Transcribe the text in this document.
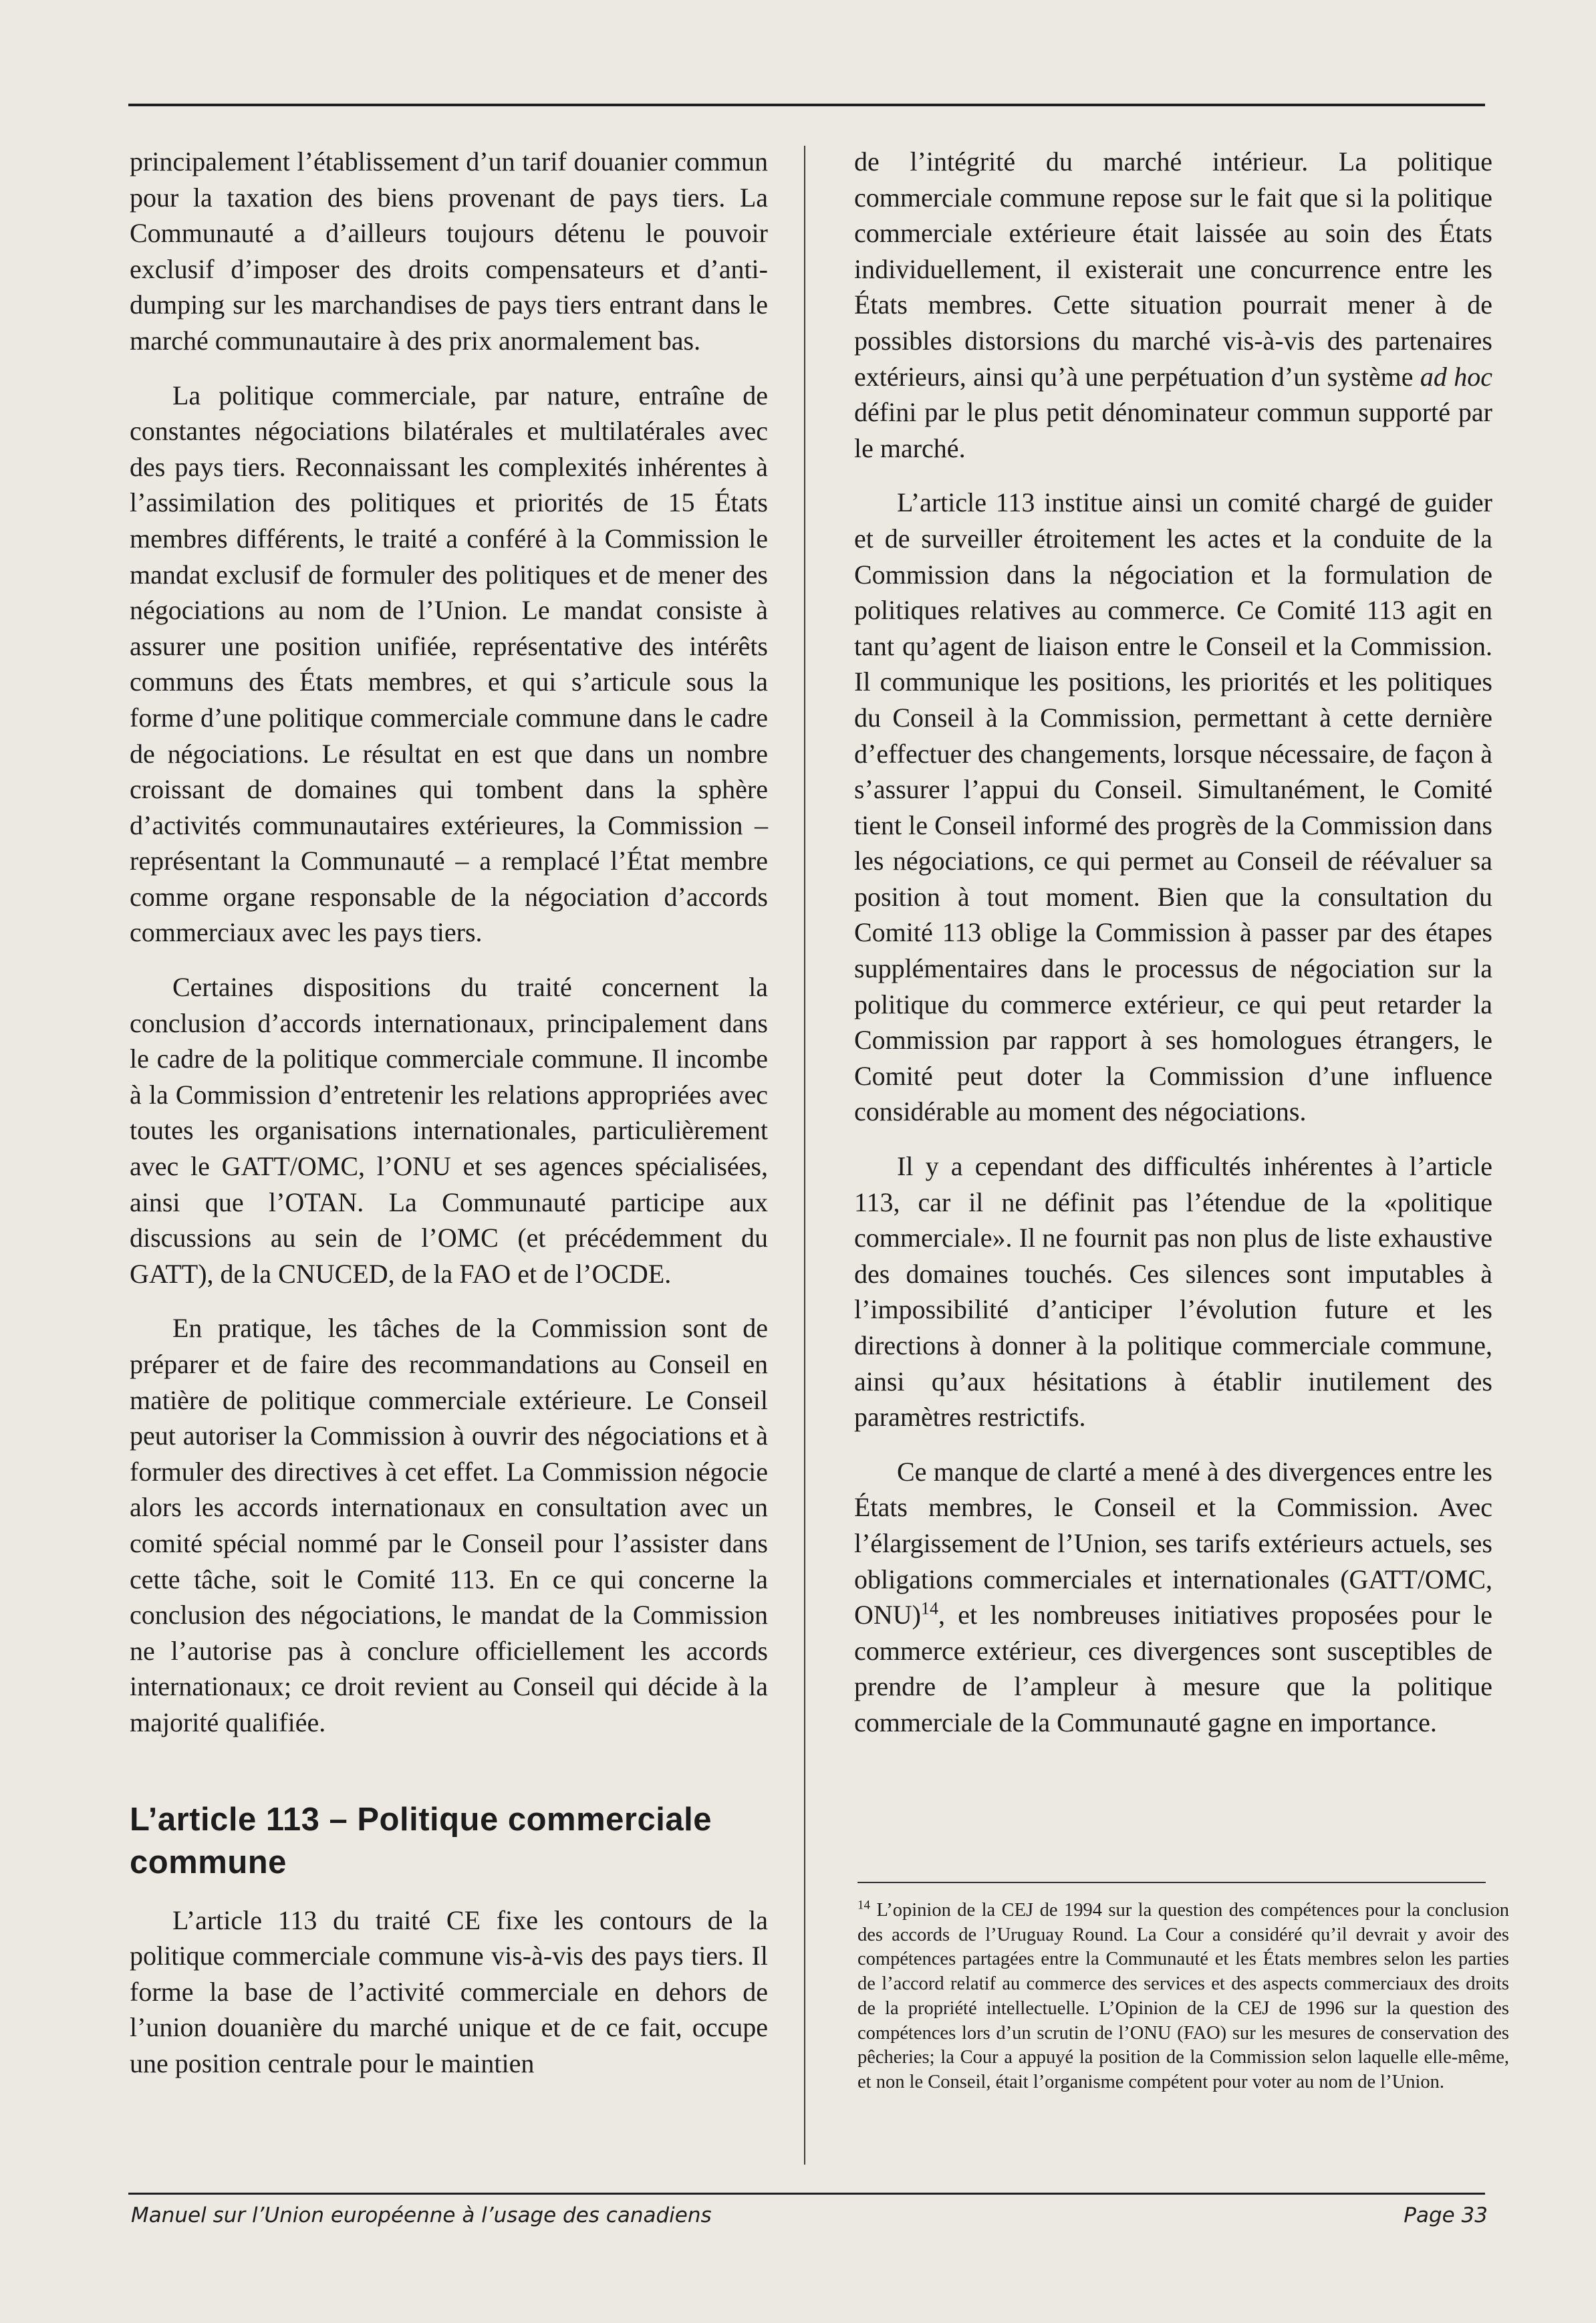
principalement l’établissement d’un tarif douanier commun pour la taxation des biens provenant de pays tiers. La Communauté a d’ailleurs toujours détenu le pouvoir exclusif d’imposer des droits compensateurs et d’anti-dumping sur les marchandises de pays tiers entrant dans le marché communautaire à des prix anormalement bas.

La politique commerciale, par nature, entraîne de constantes négociations bilatérales et multilatérales avec des pays tiers. Reconnaissant les complexités inhérentes à l’assimilation des politiques et priorités de 15 États membres différents, le traité a conféré à la Commission le mandat exclusif de formuler des politiques et de mener des négociations au nom de l’Union. Le mandat consiste à assurer une position unifiée, représentative des intérêts communs des États membres, et qui s’articule sous la forme d’une politique commerciale commune dans le cadre de négociations. Le résultat en est que dans un nombre croissant de domaines qui tombent dans la sphère d’activités communautaires extérieures, la Commission – représentant la Communauté – a remplacé l’État membre comme organe responsable de la négociation d’accords commerciaux avec les pays tiers.

Certaines dispositions du traité concernent la conclusion d’accords internationaux, principalement dans le cadre de la politique commerciale commune. Il incombe à la Commission d’entretenir les relations appropriées avec toutes les organisations internationales, particulièrement avec le GATT/OMC, l’ONU et ses agences spécialisées, ainsi que l’OTAN. La Communauté participe aux discussions au sein de l’OMC (et précédemment du GATT), de la CNUCED, de la FAO et de l’OCDE.

En pratique, les tâches de la Commission sont de préparer et de faire des recommandations au Conseil en matière de politique commerciale extérieure. Le Conseil peut autoriser la Commission à ouvrir des négociations et à formuler des directives à cet effet. La Commission négocie alors les accords internationaux en consultation avec un comité spécial nommé par le Conseil pour l’assister dans cette tâche, soit le Comité 113. En ce qui concerne la conclusion des négociations, le mandat de la Commission ne l’autorise pas à conclure officiellement les accords internationaux; ce droit revient au Conseil qui décide à la majorité qualifiée.

L’article 113 – Politique commerciale commune

L’article 113 du traité CE fixe les contours de la politique commerciale commune vis-à-vis des pays tiers. Il forme la base de l’activité commerciale en dehors de l’union douanière du marché unique et de ce fait, occupe une position centrale pour le maintien

de l’intégrité du marché intérieur. La politique commerciale commune repose sur le fait que si la politique commerciale extérieure était laissée au soin des États individuellement, il existerait une concurrence entre les États membres. Cette situation pourrait mener à de possibles distorsions du marché vis-à-vis des partenaires extérieurs, ainsi qu’à une perpétuation d’un système ad hoc défini par le plus petit dénominateur commun supporté par le marché.

L’article 113 institue ainsi un comité chargé de guider et de surveiller étroitement les actes et la conduite de la Commission dans la négociation et la formulation de politiques relatives au commerce. Ce Comité 113 agit en tant qu’agent de liaison entre le Conseil et la Commission. Il communique les positions, les priorités et les politiques du Conseil à la Commission, permettant à cette dernière d’effectuer des changements, lorsque nécessaire, de façon à s’assurer l’appui du Conseil. Simultanément, le Comité tient le Conseil informé des progrès de la Commission dans les négociations, ce qui permet au Conseil de réévaluer sa position à tout moment. Bien que la consultation du Comité 113 oblige la Commission à passer par des étapes supplémentaires dans le processus de négociation sur la politique du commerce extérieur, ce qui peut retarder la Commission par rapport à ses homologues étrangers, le Comité peut doter la Commission d’une influence considérable au moment des négociations.

Il y a cependant des difficultés inhérentes à l’article 113, car il ne définit pas l’étendue de la «politique commerciale». Il ne fournit pas non plus de liste exhaustive des domaines touchés. Ces silences sont imputables à l’impossibilité d’anticiper l’évolution future et les directions à donner à la politique commerciale commune, ainsi qu’aux hésitations à établir inutilement des paramètres restrictifs.

Ce manque de clarté a mené à des divergences entre les États membres, le Conseil et la Commission. Avec l’élargissement de l’Union, ses tarifs extérieurs actuels, ses obligations commerciales et internationales (GATT/OMC, ONU)$^{14}$, et les nombreuses initiatives proposées pour le commerce extérieur, ces divergences sont susceptibles de prendre de l’ampleur à mesure que la politique commerciale de la Communauté gagne en importance.

$^{14}$ L’opinion de la CEJ de 1994 sur la question des compétences pour la conclusion des accords de l’Uruguay Round. La Cour a considéré qu’il devrait y avoir des compétences partagées entre la Communauté et les États membres selon les parties de l’accord relatif au commerce des services et des aspects commerciaux des droits de la propriété intellectuelle. L’Opinion de la CEJ de 1996 sur la question des compétences lors d’un scrutin de l’ONU (FAO) sur les mesures de conservation des pêcheries; la Cour a appuyé la position de la Commission selon laquelle elle-même, et non le Conseil, était l’organisme compétent pour voter au nom de l’Union.
Manuel sur l’Union européenne à l’usage des canadiens	Page 33
